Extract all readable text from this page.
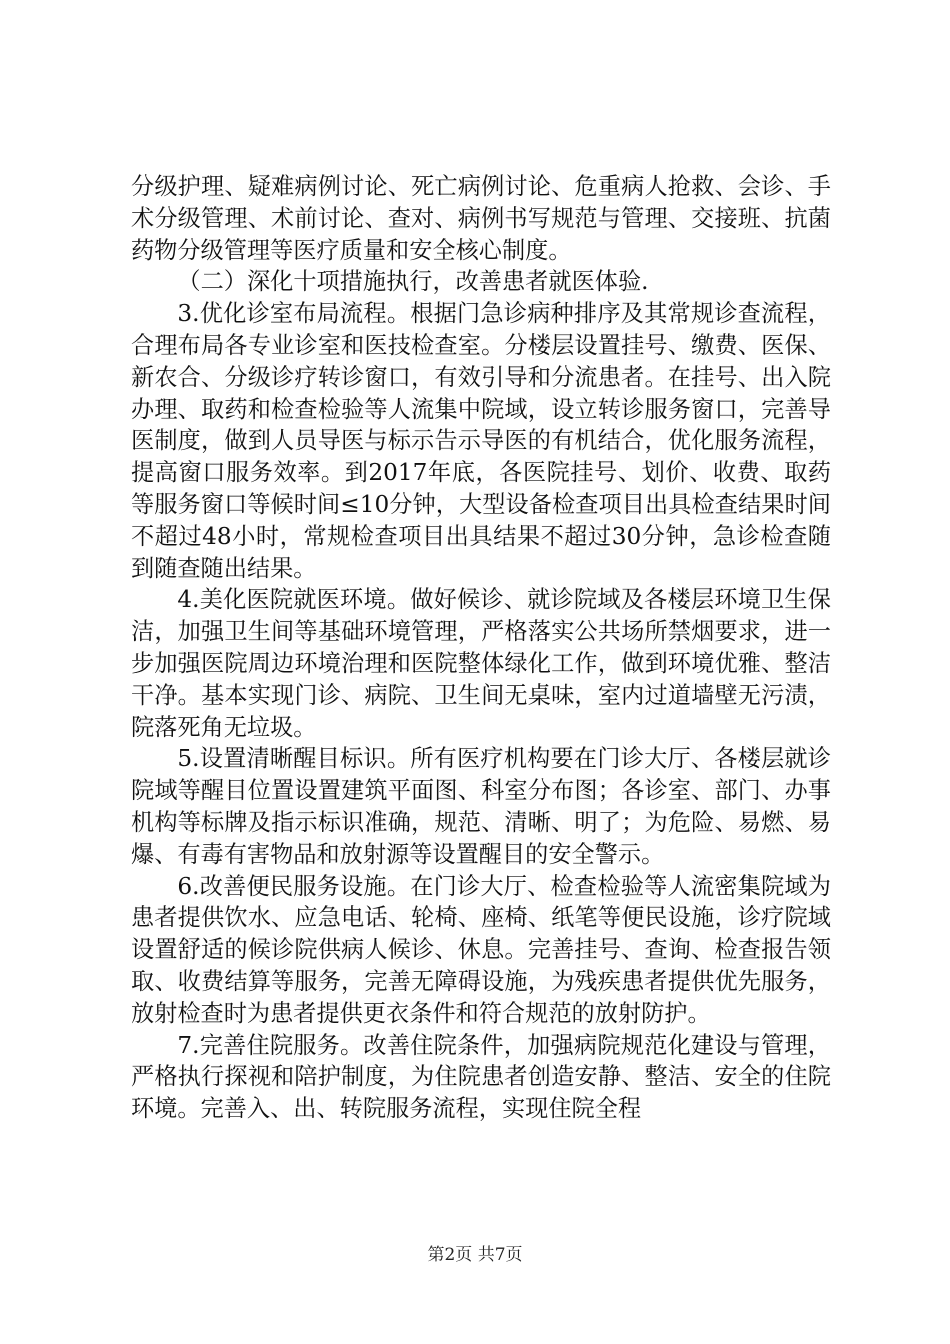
分级护理、疑难病例讨论、死亡病例讨论、危重病人抢救、会诊、手术分级管理、术前讨论、查对、病例书写规范与管理、交接班、抗菌药物分级管理等医疗质量和安全核心制度。

（二）深化十项措施执行，改善患者就医体验.

3.优化诊室布局流程。根据门急诊病种排序及其常规诊查流程，合理布局各专业诊室和医技检查室。分楼层设置挂号、缴费、医保、新农合、分级诊疗转诊窗口，有效引导和分流患者。在挂号、出入院办理、取药和检查检验等人流集中院域，设立转诊服务窗口，完善导医制度，做到人员导医与标示告示导医的有机结合，优化服务流程，提高窗口服务效率。到2017年底，各医院挂号、划价、收费、取药等服务窗口等候时间≤10分钟，大型设备检查项目出具检查结果时间不超过48小时，常规检查项目出具结果不超过30分钟，急诊检查随到随查随出结果。

4.美化医院就医环境。做好候诊、就诊院域及各楼层环境卫生保洁，加强卫生间等基础环境管理，严格落实公共场所禁烟要求，进一步加强医院周边环境治理和医院整体绿化工作，做到环境优雅、整洁干净。基本实现门诊、病院、卫生间无桌味，室内过道墙壁无污渍，院落死角无垃圾。

5.设置清晰醒目标识。所有医疗机构要在门诊大厅、各楼层就诊院域等醒目位置设置建筑平面图、科室分布图；各诊室、部门、办事机构等标牌及指示标识准确，规范、清晰、明了；为危险、易燃、易爆、有毒有害物品和放射源等设置醒目的安全警示。

6.改善便民服务设施。在门诊大厅、检查检验等人流密集院域为患者提供饮水、应急电话、轮椅、座椅、纸笔等便民设施，诊疗院域设置舒适的候诊院供病人候诊、休息。完善挂号、查询、检查报告领取、收费结算等服务，完善无障碍设施，为残疾患者提供优先服务，放射检查时为患者提供更衣条件和符合规范的放射防护。

7.完善住院服务。改善住院条件，加强病院规范化建设与管理，严格执行探视和陪护制度，为住院患者创造安静、整洁、安全的住院环境。完善入、出、转院服务流程，实现住院全程

第2页 共7页
